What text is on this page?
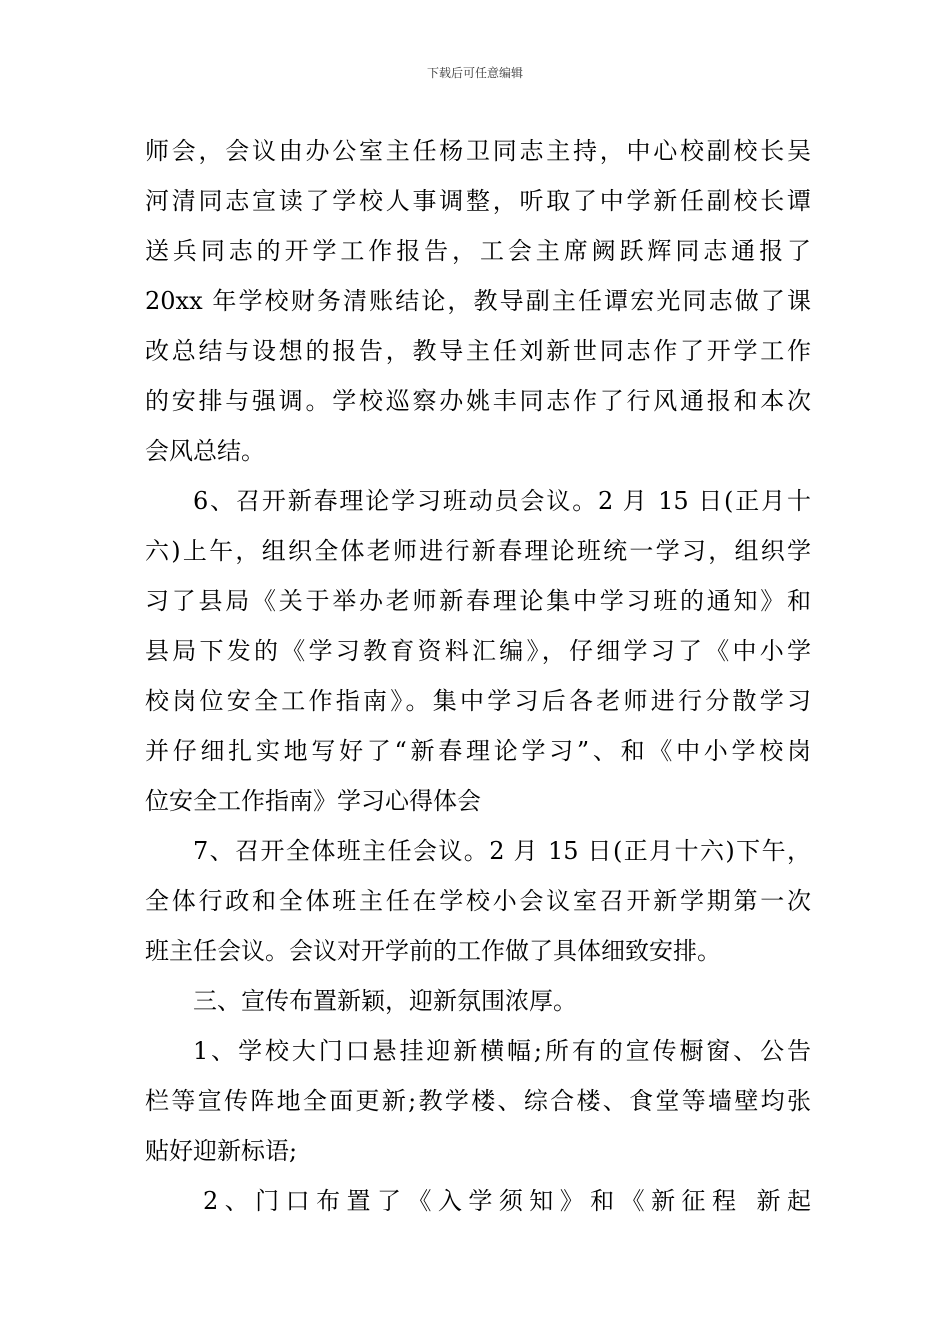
下载后可任意编辑
师会，会议由办公室主任杨卫同志主持，中心校副校长吴
河清同志宣读了学校人事调整，听取了中学新任副校长谭
送兵同志的开学工作报告，工会主席阙跃辉同志通报了
20xx 年学校财务清账结论，教导副主任谭宏光同志做了课
改总结与设想的报告，教导主任刘新世同志作了开学工作
的安排与强调。学校巡察办姚丰同志作了行风通报和本次
会风总结。
6、召开新春理论学习班动员会议。2 月 15 日(正月十
六)上午，组织全体老师进行新春理论班统一学习，组织学
习了县局《关于举办老师新春理论集中学习班的通知》和
县局下发的《学习教育资料汇编》，仔细学习了《中小学
校岗位安全工作指南》。集中学习后各老师进行分散学习
并仔细扎实地写好了“新春理论学习”、和《中小学校岗
位安全工作指南》学习心得体会
7、召开全体班主任会议。2 月 15 日(正月十六)下午，
全体行政和全体班主任在学校小会议室召开新学期第一次
班主任会议。会议对开学前的工作做了具体细致安排。
三、宣传布置新颖，迎新氛围浓厚。
1、学校大门口悬挂迎新横幅;所有的宣传橱窗、公告
栏等宣传阵地全面更新;教学楼、综合楼、食堂等墙壁均张
贴好迎新标语;
2、门口布置了《入学须知》和《新征程 新起
